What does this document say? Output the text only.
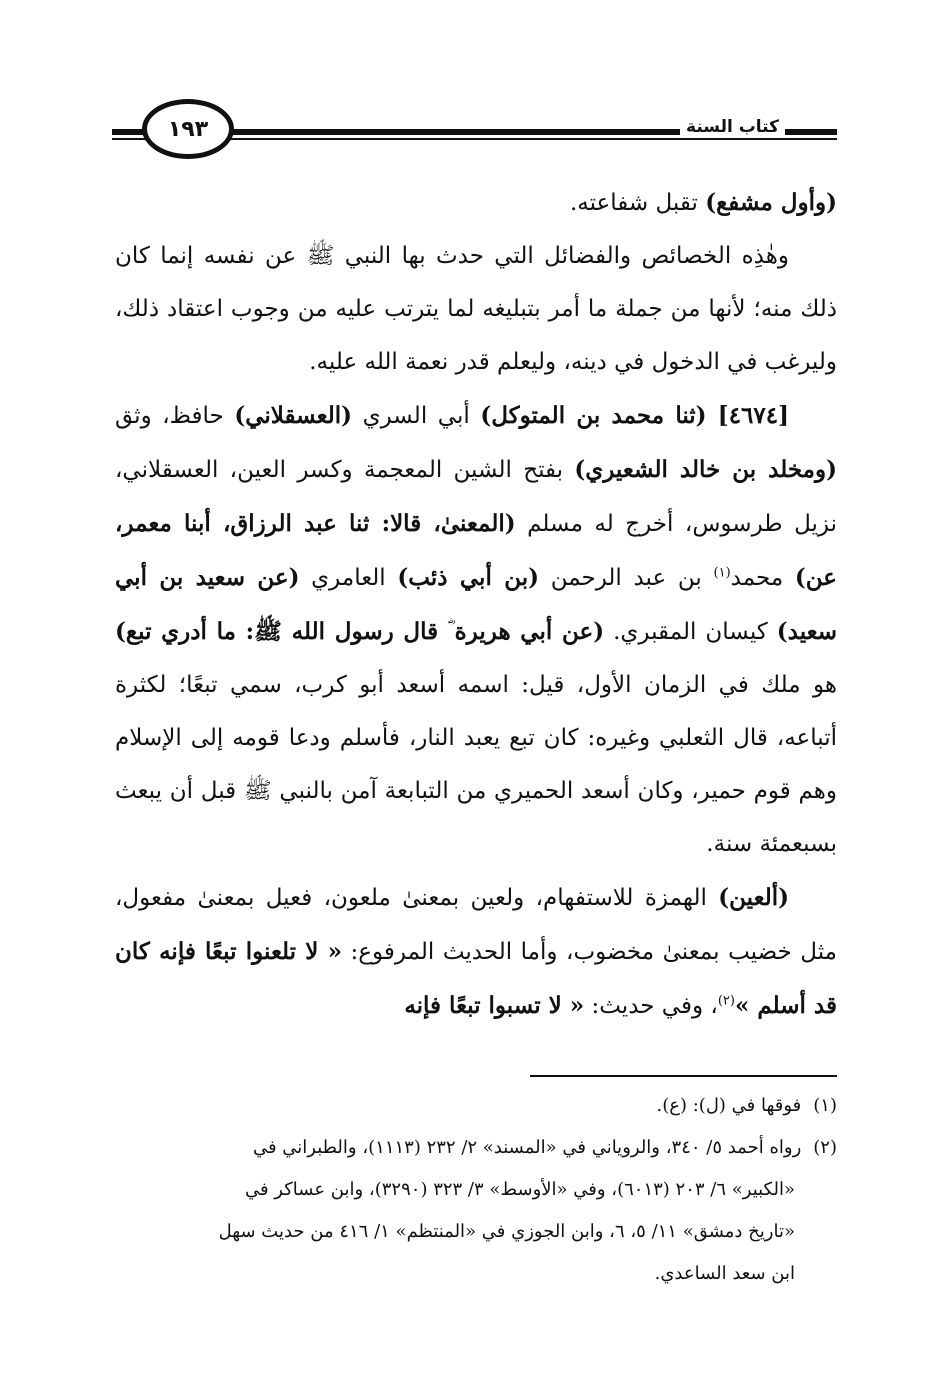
كتاب السنة
١٩٣

(وأول مشفع) تقبل شفاعته.

وهٰذِه الخصائص والفضائل التي حدث بها النبي ﷺ عن نفسه إنما كان ذلك منه؛ لأنها من جملة ما أمر بتبليغه لما يترتب عليه من وجوب اعتقاد ذلك، وليرغب في الدخول في دينه، وليعلم قدر نعمة الله عليه.

[٤٦٧٤] (ثنا محمد بن المتوكل) أبي السري (العسقلاني) حافظ، وثق (ومخلد بن خالد الشعيري) بفتح الشين المعجمة وكسر العين، العسقلاني، نزيل طرسوس، أخرج له مسلم (المعنىٰ، قالا: ثنا عبد الرزاق، أبنا معمر، عن) محمد$^{(١)}$ بن عبد الرحمن (بن أبي ذئب) العامري (عن سعيد بن أبي سعيد) كيسان المقبري. (عن أبي هريرة ؓ قال رسول الله ﷺ: ما أدري تبع) هو ملك في الزمان الأول، قيل: اسمه أسعد أبو كرب، سمي تبعًا؛ لكثرة أتباعه، قال الثعلبي وغيره: كان تبع يعبد النار، فأسلم ودعا قومه إلى الإسلام وهم قوم حمير، وكان أسعد الحميري من التبابعة آمن بالنبي ﷺ قبل أن يبعث بسبعمئة سنة.

(ألعين) الهمزة للاستفهام، ولعين بمعنىٰ ملعون، فعيل بمعنىٰ مفعول، مثل خضيب بمعنىٰ مخضوب، وأما الحديث المرفوع: « لا تلعنوا تبعًا فإنه كان قد أسلم »$^{(٢)}$، وفي حديث: « لا تسبوا تبعًا فإنه

(١) فوقها في (ل): (ع).

(٢) رواه أحمد ٥/ ٣٤٠، والروياني في «المسند» ٢/ ٢٣٢ (١١١٣)، والطبراني في

«الكبير» ٦/ ٢٠٣ (٦٠١٣)، وفي «الأوسط» ٣/ ٣٢٣ (٣٢٩٠)، وابن عساكر في

«تاريخ دمشق» ١١/ ٥، ٦، وابن الجوزي في «المنتظم» ١/ ٤١٦ من حديث سهل

ابن سعد الساعدي.
